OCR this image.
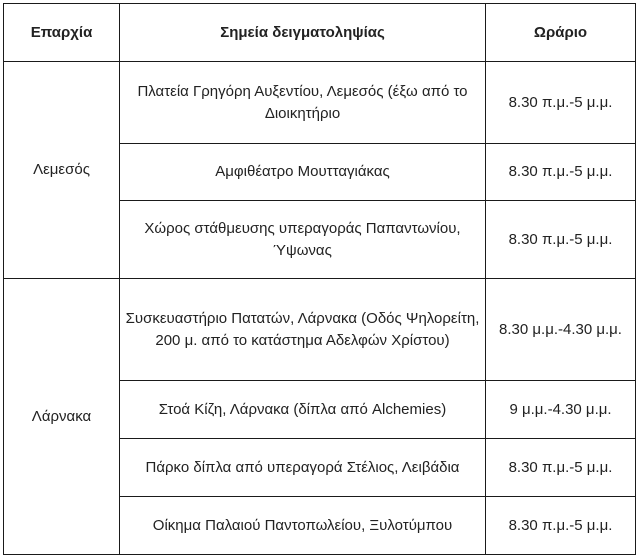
Επαρχία	Σημεία δειγματοληψίας	Ωράριο
Λεμεσός	Πλατεία Γρηγόρη Αυξεντίου, Λεμεσός (έξω από το Διοικητήριο	8.30 π.μ.-5 μ.μ.
	Αμφιθέατρο Μουτταγιάκας	8.30 π.μ.-5 μ.μ.
	Χώρος στάθμευσης υπεραγοράς Παπαντωνίου, Ύψωνας	8.30 π.μ.-5 μ.μ.
Λάρνακα	Συσκευαστήριο Πατατών, Λάρνακα (Οδός Ψηλορείτη, 200 μ. από το κατάστημα Αδελφών Χρίστου)	8.30 μ.μ.-4.30 μ.μ.
	Στοά Κίζη, Λάρνακα (δίπλα από Alchemies)	9 μ.μ.-4.30 μ.μ.
	Πάρκο δίπλα από υπεραγορά Στέλιος, Λειβάδια	8.30 π.μ.-5 μ.μ.
	Οίκημα Παλαιού Παντοπωλείου, Ξυλοτύμπου	8.30 π.μ.-5 μ.μ.
